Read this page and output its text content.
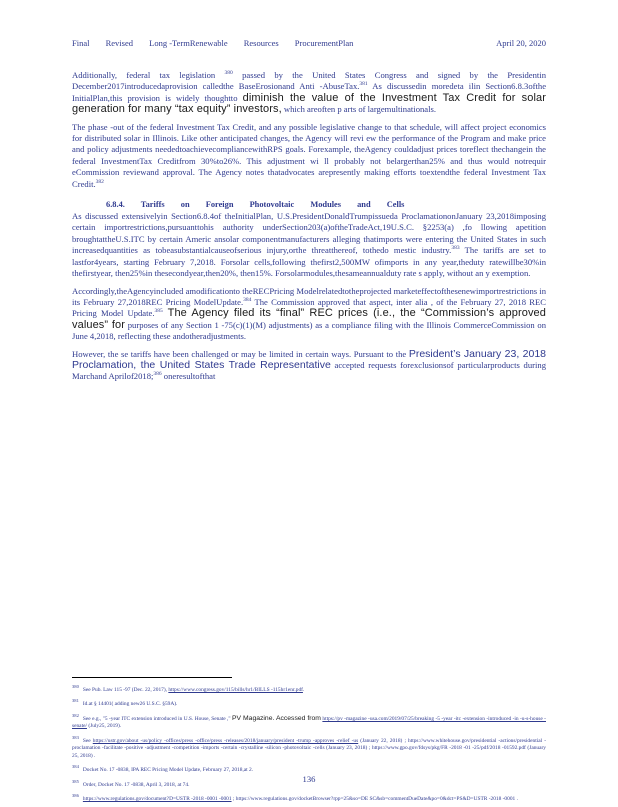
Final Revised Long -TermRenewable Resources ProcurementPlan	April 20, 2020

Additionally, federal tax legislation $^{380}$ passed by the United States Congress and signed by the Presidentin December2017introducedaprovision calledthe BaseErosionand Anti -AbuseTax.$^{381}$ As discussedin moredeta ilin Section6.8.3ofthe InitialPlan,this provision is widely thoughtto diminish the value of the Investment Tax Credit for solar generation for many “tax equity” investors, which areoften p arts of largemultinationals.

The phase -out of the federal Investment Tax Credit, and any possible legislative change to that schedule, will affect project economics for distributed solar in Illinois. Like other anticipated changes, the Agency will revi ew the performance of the Program and make price and policy adjustments neededtoachievecompliancewithRPS goals. Forexample, theAgency couldadjust prices toreflect thechangein the federal InvestmentTax Creditfrom 30%to26%. This adjustment wi ll probably not belargerthan25% and thus would notrequir eCommission reviewand approval. The Agency notes thatadvocates arepresently making efforts toextendthe federal Investment Tax Credit.$^{382}$

6.8.4. Tariffs on Foreign Photovoltaic Modules and Cells

As discussed extensivelyin Section6.8.4of theInitialPlan, U.S.PresidentDonaldTrumpissueda ProclamationonJanuary 23,2018imposing certain importrestrictions,pursuanttohis authority underSection203(a)oftheTradeAct,19U.S.C. §2253(a) ,fo llowing apetition broughtattheU.S.ITC by certain Americ ansolar componentmanufacturers alleging thatimports were entering the United States in such increasedquantities as tobeasubstantialcauseofserious injury,orthe threatthereof, tothedo mestic industry.$^{383}$ The tariffs are set to lastfor4years, starting February 7,2018. Forsolar cells,following thefirst2,500MW ofimports in any year,theduty ratewillbe30%in thefirstyear, then25%in thesecondyear,then20%, then15%. Forsolarmodules,thesameannualduty rate s apply, without an y exemption.

Accordingly,theAgencyincluded amodificationto theRECPricing Modelrelatedtotheprojected marketeffectofthesenewimportrestrictions in its February 27,2018REC Pricing ModelUpdate.$^{384}$ The Commission approved that aspect, inter alia , of the February 27, 2018 REC Pricing Model Update.$^{385}$ The Agency filed its “final” REC prices (i.e., the “Commission’s approved values” for purposes of any Section 1 -75(c)(1)(M) adjustments) as a compliance filing with the Illinois CommerceCommission on June 4,2018, reflecting these andotheradjustments.

However, the se tariffs have been challenged or may be limited in certain ways. Pursuant to the President’s January 23, 2018 Proclamation, the United States Trade Representative accepted requests forexclusionsof particularproducts during Marchand Aprilof2018;$^{386}$ oneresultofthat

380See Pub. Law 115 -97 (Dec. 22, 2017), https://www.congress.gov/115/bills/hr1/BILLS -115hr1enr.pdf.

381Id.at § 14401( adding new26 U.S.C. §59A).

382See e.g., "5 -year ITC extension introduced in U.S. House, Senate ," PV Magazine. Accessed from https://pv -magazine -usa.com/2019/07/25/breaking -5 -year -itc -extension -introduced -in -u-s-house -senate/ (July25, 2019).

383See https://ustr.gov/about -us/policy -offices/press -office/press -releases/2018/january/president -trump -approves -relief -us (January 22, 2018) ; https://www.whitehouse.gov/presidential -actions/presidential -proclamation -facilitate -positive -adjustment -competition -imports -certain -crystalline -silicon -photovoltaic -cells (January 23, 2018) ; https://www.gpo.gov/fdsys/pkg/FR -2018 -01 -25/pdf/2018 -01592.pdf (January 25, 2018) .

384Docket No. 17 -0838, IPA REC Pricing Model Update, February 27, 2018,at 2.

385Order, Docket No. 17 -0838, April 3, 2018, at 74.

386https://www.regulations.gov/document?D=USTR -2018 -0001 -0001 ; https://www.regulations.gov/docketBrowser?rpp=25&so=DE SC&sb=commentDueDate&po=0&dct=PS&D=USTR -2018 -0001 .

136
